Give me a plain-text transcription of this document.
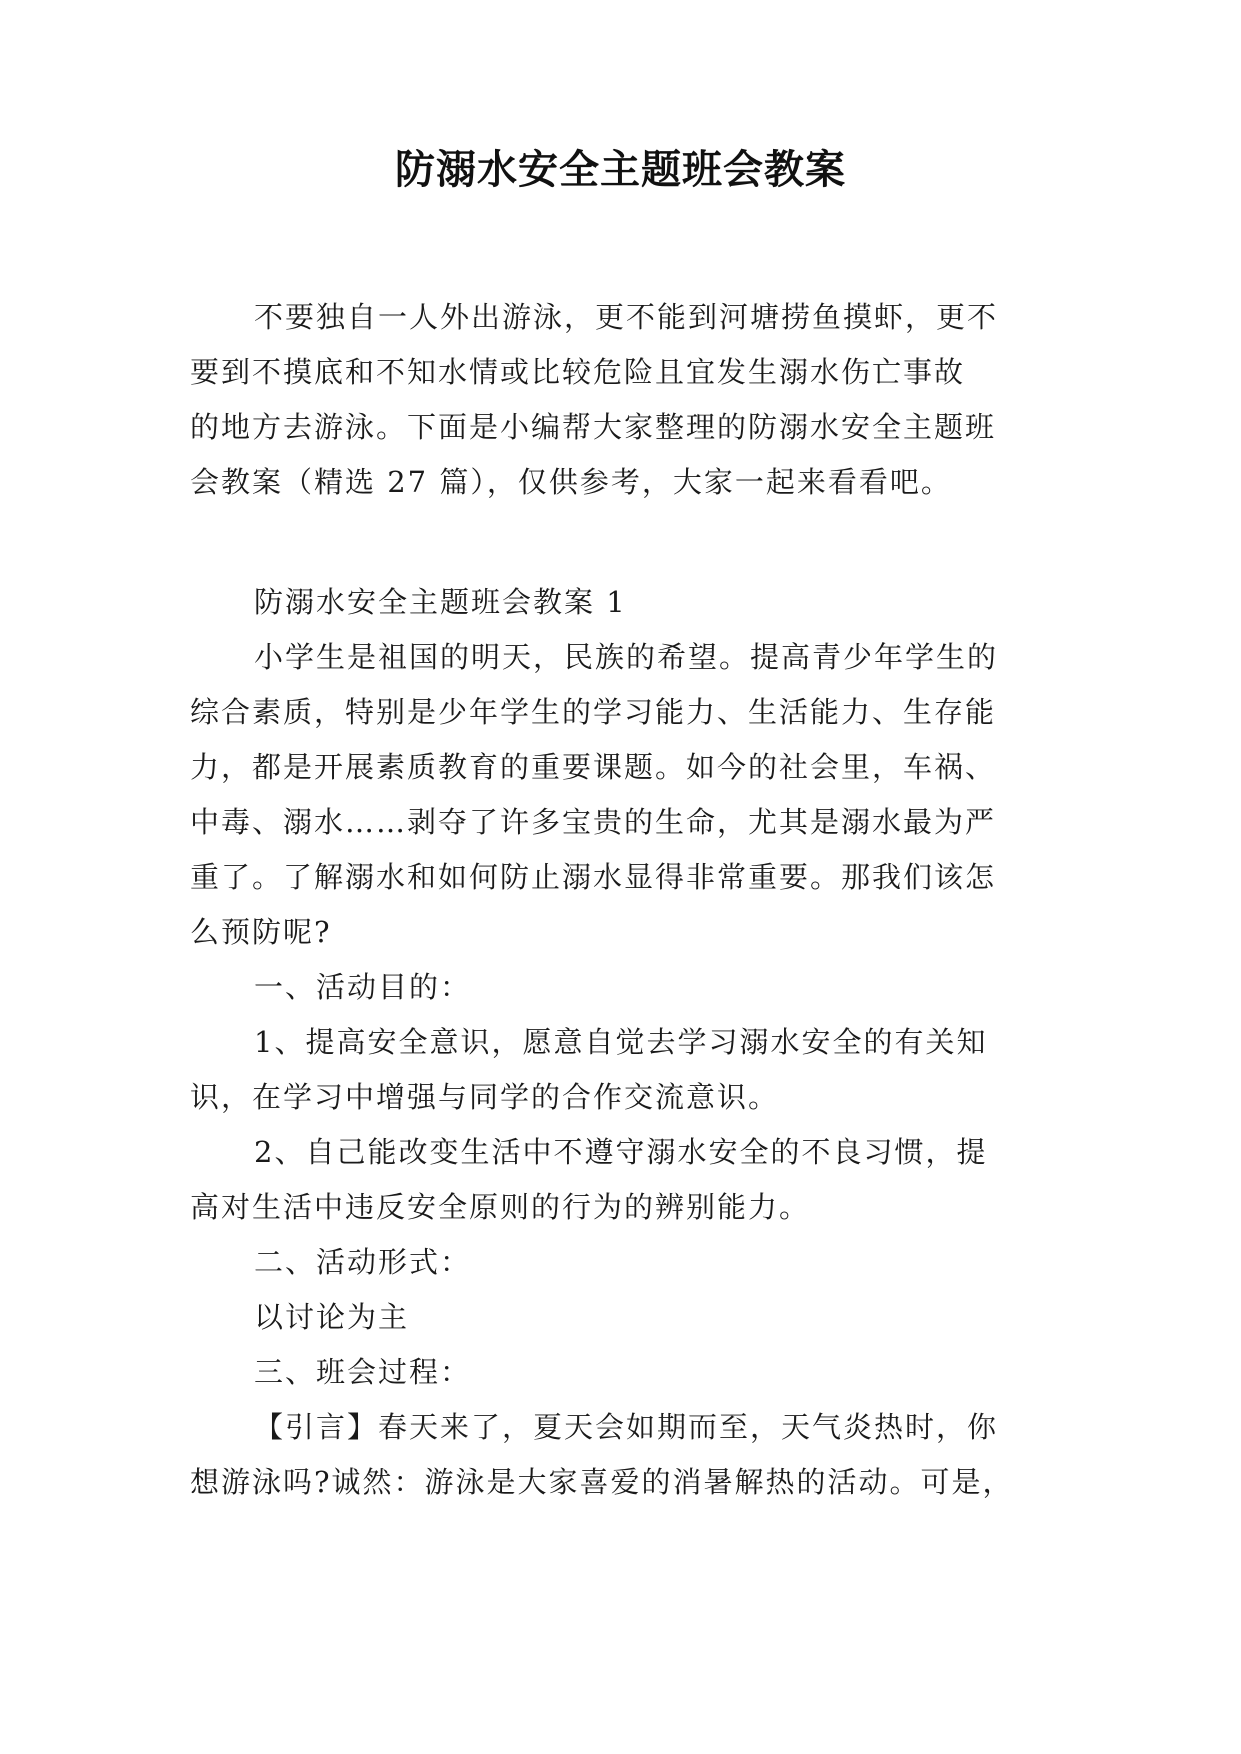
防溺水安全主题班会教案
不要独自一人外出游泳，更不能到河塘捞鱼摸虾，更不
要到不摸底和不知水情或比较危险且宜发生溺水伤亡事故
的地方去游泳。下面是小编帮大家整理的防溺水安全主题班
会教案（精选 27 篇），仅供参考，大家一起来看看吧。
防溺水安全主题班会教案 1
小学生是祖国的明天，民族的希望。提高青少年学生的
综合素质，特别是少年学生的学习能力、生活能力、生存能
力，都是开展素质教育的重要课题。如今的社会里，车祸、
中毒、溺水……剥夺了许多宝贵的生命，尤其是溺水最为严
重了。了解溺水和如何防止溺水显得非常重要。那我们该怎
么预防呢?
一、活动目的：
1、提高安全意识，愿意自觉去学习溺水安全的有关知
识，在学习中增强与同学的合作交流意识。
2、自己能改变生活中不遵守溺水安全的不良习惯，提
高对生活中违反安全原则的行为的辨别能力。
二、活动形式：
以讨论为主
三、班会过程：
【引言】春天来了，夏天会如期而至，天气炎热时，你
想游泳吗?诚然：游泳是大家喜爱的消暑解热的活动。可是，
